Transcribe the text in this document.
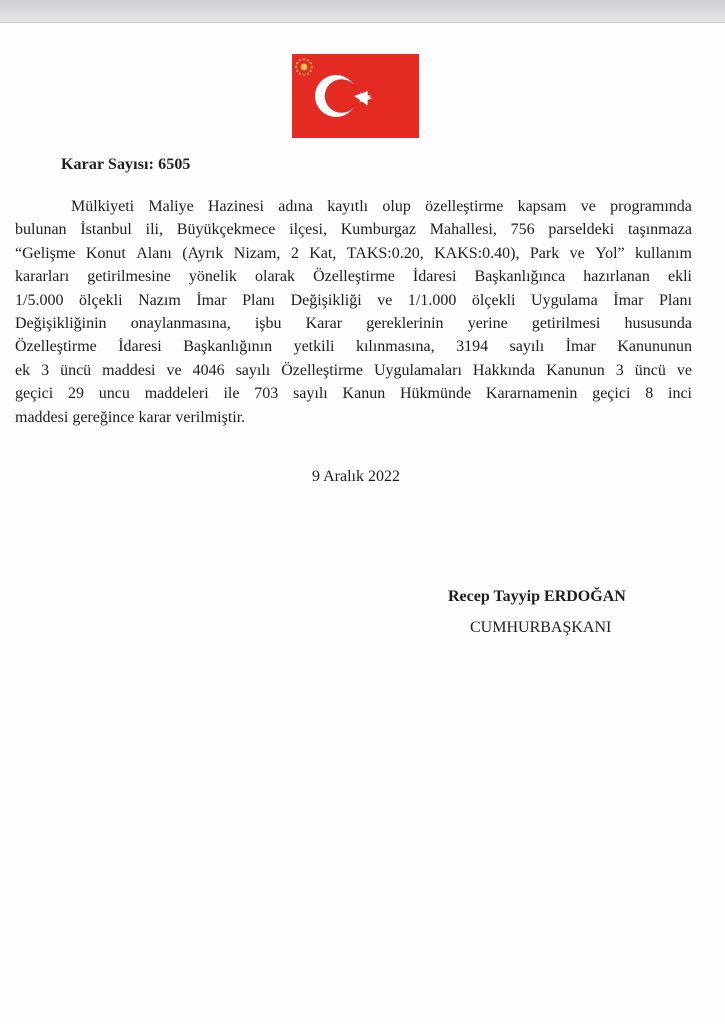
Karar Sayısı: 6505
Mülkiyeti Maliye Hazinesi adına kayıtlı olup özelleştirme kapsam ve programında
bulunan İstanbul ili, Büyükçekmece ilçesi, Kumburgaz Mahallesi, 756 parseldeki taşınmaza
“Gelişme Konut Alanı (Ayrık Nizam, 2 Kat, TAKS:0.20, KAKS:0.40), Park ve Yol” kullanım
kararları getirilmesine yönelik olarak Özelleştirme İdaresi Başkanlığınca hazırlanan ekli
1/5.000 ölçekli Nazım İmar Planı Değişikliği ve 1/1.000 ölçekli Uygulama İmar Planı
Değişikliğinin onaylanmasına, işbu Karar gereklerinin yerine getirilmesi hususunda
Özelleştirme İdaresi Başkanlığının yetkili kılınmasına, 3194 sayılı İmar Kanununun
ek 3 üncü maddesi ve 4046 sayılı Özelleştirme Uygulamaları Hakkında Kanunun 3 üncü ve
geçici 29 uncu maddeleri ile 703 sayılı Kanun Hükmünde Kararnamenin geçici 8 inci
maddesi gereğince karar verilmiştir.
9 Aralık 2022
Recep Tayyip ERDOĞAN
CUMHURBAŞKANI
